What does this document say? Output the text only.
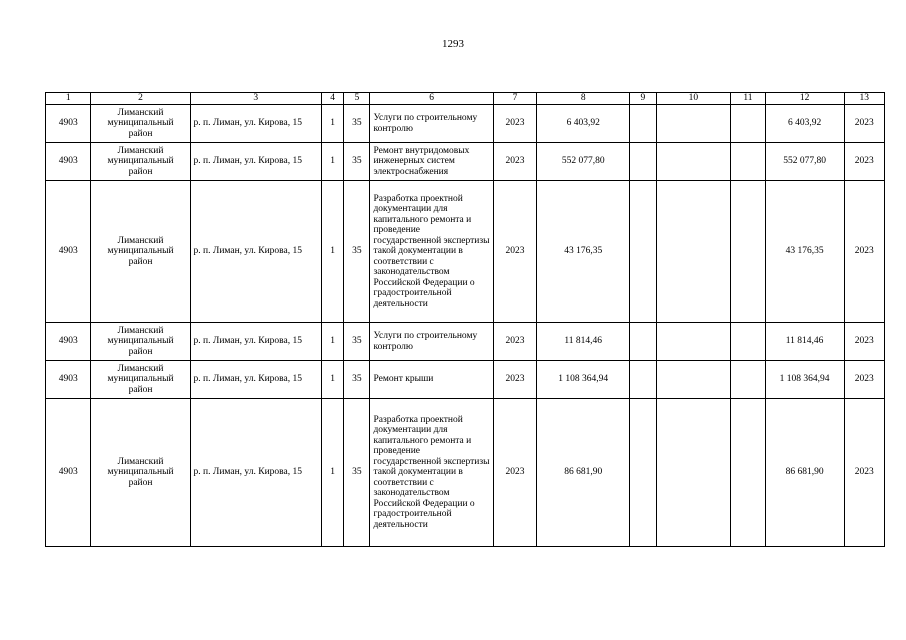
1293
1	2	3	4	5	6	7	8	9	10	11	12	13
4903	Лиманский муниципальный район	р. п. Лиман, ул. Кирова, 15	1	35	Услуги по строительному контролю	2023	6 403,92				6 403,92	2023
4903	Лиманский муниципальный район	р. п. Лиман, ул. Кирова, 15	1	35	Ремонт внутридомовых инженерных систем электроснабжения	2023	552 077,80				552 077,80	2023
4903	Лиманский муниципальный район	р. п. Лиман, ул. Кирова, 15	1	35	Разработка проектной документации для капитального ремонта и проведение государственной экспертизы такой документации в соответствии с законодательством Российской Федерации о градостроительной деятельности	2023	43 176,35				43 176,35	2023
4903	Лиманский муниципальный район	р. п. Лиман, ул. Кирова, 15	1	35	Услуги по строительному контролю	2023	11 814,46				11 814,46	2023
4903	Лиманский муниципальный район	р. п. Лиман, ул. Кирова, 15	1	35	Ремонт крыши	2023	1 108 364,94				1 108 364,94	2023
4903	Лиманский муниципальный район	р. п. Лиман, ул. Кирова, 15	1	35	Разработка проектной документации для капитального ремонта и проведение государственной экспертизы такой документации в соответствии с законодательством Российской Федерации о градостроительной деятельности	2023	86 681,90				86 681,90	2023
